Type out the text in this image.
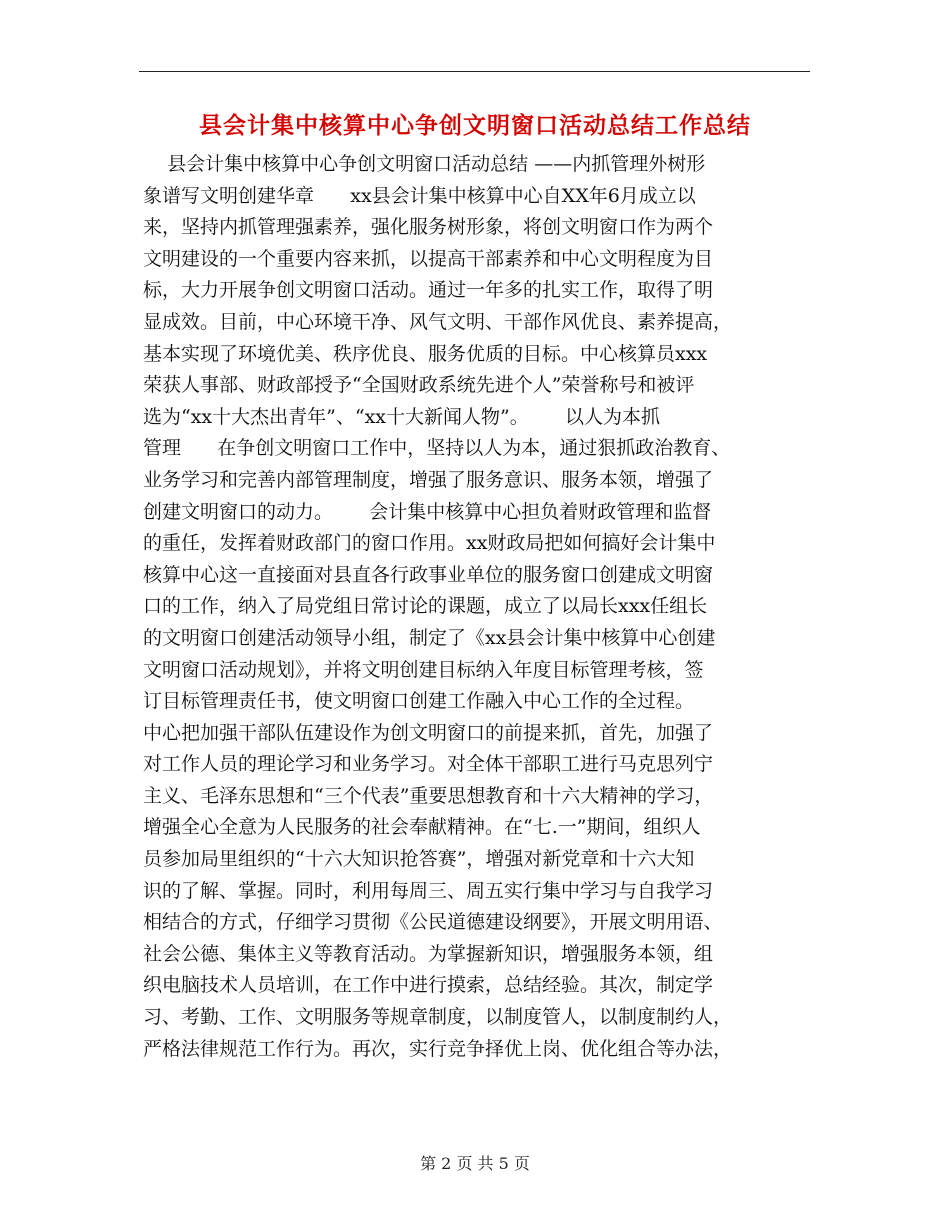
县会计集中核算中心争创文明窗口活动总结工作总结
县会计集中核算中心争创文明窗口活动总结 ——内抓管理外树形
象谱写文明创建华章      xx县会计集中核算中心自XX年6月成立以
来，坚持内抓管理强素养，强化服务树形象，将创文明窗口作为两个
文明建设的一个重要内容来抓，以提高干部素养和中心文明程度为目
标，大力开展争创文明窗口活动。通过一年多的扎实工作，取得了明
显成效。目前，中心环境干净、风气文明、干部作风优良、素养提高，
基本实现了环境优美、秩序优良、服务优质的目标。中心核算员xxx
荣获人事部、财政部授予“全国财政系统先进个人”荣誉称号和被评
选为“xx十大杰出青年”、“xx十大新闻人物”。      以人为本抓
管理      在争创文明窗口工作中，坚持以人为本，通过狠抓政治教育、
业务学习和完善内部管理制度，增强了服务意识、服务本领，增强了
创建文明窗口的动力。      会计集中核算中心担负着财政管理和监督
的重任，发挥着财政部门的窗口作用。xx财政局把如何搞好会计集中
核算中心这一直接面对县直各行政事业单位的服务窗口创建成文明窗
口的工作，纳入了局党组日常讨论的课题，成立了以局长xxx任组长
的文明窗口创建活动领导小组，制定了《xx县会计集中核算中心创建
文明窗口活动规划》，并将文明创建目标纳入年度目标管理考核，签
订目标管理责任书，使文明窗口创建工作融入中心工作的全过程。
中心把加强干部队伍建设作为创文明窗口的前提来抓，首先，加强了
对工作人员的理论学习和业务学习。对全体干部职工进行马克思列宁
主义、毛泽东思想和“三个代表”重要思想教育和十六大精神的学习，
增强全心全意为人民服务的社会奉献精神。在“七.一”期间，组织人
员参加局里组织的“十六大知识抢答赛”，增强对新党章和十六大知
识的了解、掌握。同时，利用每周三、周五实行集中学习与自我学习
相结合的方式，仔细学习贯彻《公民道德建设纲要》，开展文明用语、
社会公德、集体主义等教育活动。为掌握新知识，增强服务本领，组
织电脑技术人员培训，在工作中进行摸索，总结经验。其次，制定学
习、考勤、工作、文明服务等规章制度，以制度管人，以制度制约人，
严格法律规范工作行为。再次，实行竞争择优上岗、优化组合等办法，
第 2 页 共 5 页
